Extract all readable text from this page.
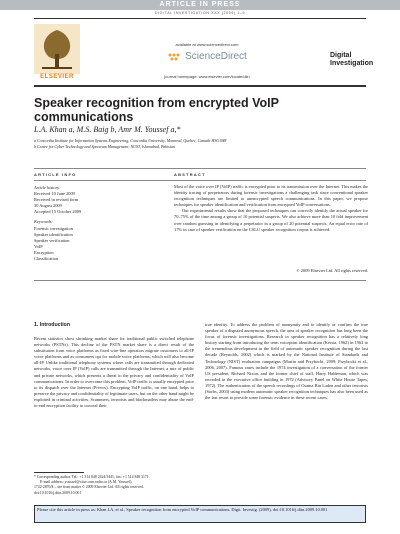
ARTICLE IN PRESS
DIGITAL INVESTIGATION XXX (2009) 1–9
ELSEVIER
available at www.sciencedirect.com
ScienceDirect
journal homepage: www.elsevier.com/locate/diin
Digital
Investigation
Speaker recognition from encrypted VoIP communications
L.A. Khan a, M.S. Baig b, Amr M. Youssef a,*
a Concordia Institute for Information Systems Engineering, Concordia University, Montreal, Quebec, Canada H3G1M8
b Centre for Cyber Technology and Spectrum Management, NUST, Islamabad, Pakistan
ARTICLE INFO	ABSTRACT
Article history:
Received 10 June 2009
Received in revised form
30 August 2009
Accepted 15 October 2009
Keywords:
Forensic investigation
Speaker identification
Speaker verification
VoIP
Encryption
Classification
Most of the voice over IP (VoIP) traffic is encrypted prior to its transmission over the Internet. This makes the identity tracing of perpetrators during forensic investigations a challenging task since conventional speaker recognition techniques are limited to unencrypted speech communications. In this paper, we propose techniques for speaker identification and verification from encrypted VoIP conversations.
Our experimental results show that the proposed techniques can correctly identify the actual speaker for 70–75% of the time among a group of 10 potential suspects. We also achieve more than 10 fold improvement over random guessing in identifying a perpetrator in a group of 20 potential suspects. An equal error rate of 17% in case of speaker verification on the CSLU speaker recognition corpus is achieved.
© 2009 Elsevier Ltd. All rights reserved.
1. Introduction
Recent statistics show shrinking market share for traditional public switched telephone networks (PSTNs). This decline of the PSTN market share is a direct result of the substitution from voice platforms as fixed wire-line operators migrate customers to all-IP voice platforms and as consumers opt for mobile voice platforms, which will also become all-IP. Unlike traditional telephony systems where calls are transmitted through dedicated networks, voice over IP (VoIP) calls are transmitted through the Internet, a mix of public and private networks, which presents a threat to the privacy and confidentiality of VoIP communications. In order to overcome this problem, VoIP traffic is usually encrypted prior to its dispatch over the Internet (Provos). Encrypting VoIP traffic, on one hand, helps to preserve the privacy and confidentiality of legitimate users, but on the other hand might be exploited in criminal activities. Scammers, terrorists and blackmailers may abuse the end-to-end encryption facility to conceal their
true identity. To address the problem of anonymity and to identify or confirm the true speaker of a disputed anonymous speech, the area of speaker recognition has long been the focus of forensic investigations. Research in speaker recognition has a relatively long history starting from introducing the term voiceprint identification (Kersta, 1962) in 1962 to the tremendous development in the field of automatic speaker recognition during the last decade (Reynolds, 2002) which is marked by the National Institute of Standards and Technology (NIST) evaluation campaigns (Martin and Przybocki, 2009; Przybocki et al., 2006, 2007). Famous cases include the 1974 investigation of a conversation of the former US president, Richard Nixon, and the former chief of staff, Harry Haldeman, which was recorded in the executive office building in 1972 (Advisory Panel on White House Tapes, 1972). The authentication of the speech recordings of Osama Bin Laden and other terrorists (Sachs, 2003) using modern automatic speaker recognition techniques has also been used as the last resort to provide some forensic evidence in these recent cases.
* Corresponding author. Tel.: +1 514 848 2424/5441; fax: +1 514 848 3171.
E-mail address: youssef@ciise.concordia.ca (A.M. Youssef).
1742-2876/$ – see front matter © 2009 Elsevier Ltd. All rights reserved.
doi:10.1016/j.diin.2009.10.001
Please cite this article in press as: Khan LA, et al., Speaker recognition from encrypted VoIP communications, Digit. Investig. (2009), doi:10.1016/j.diin.2009.10.001
